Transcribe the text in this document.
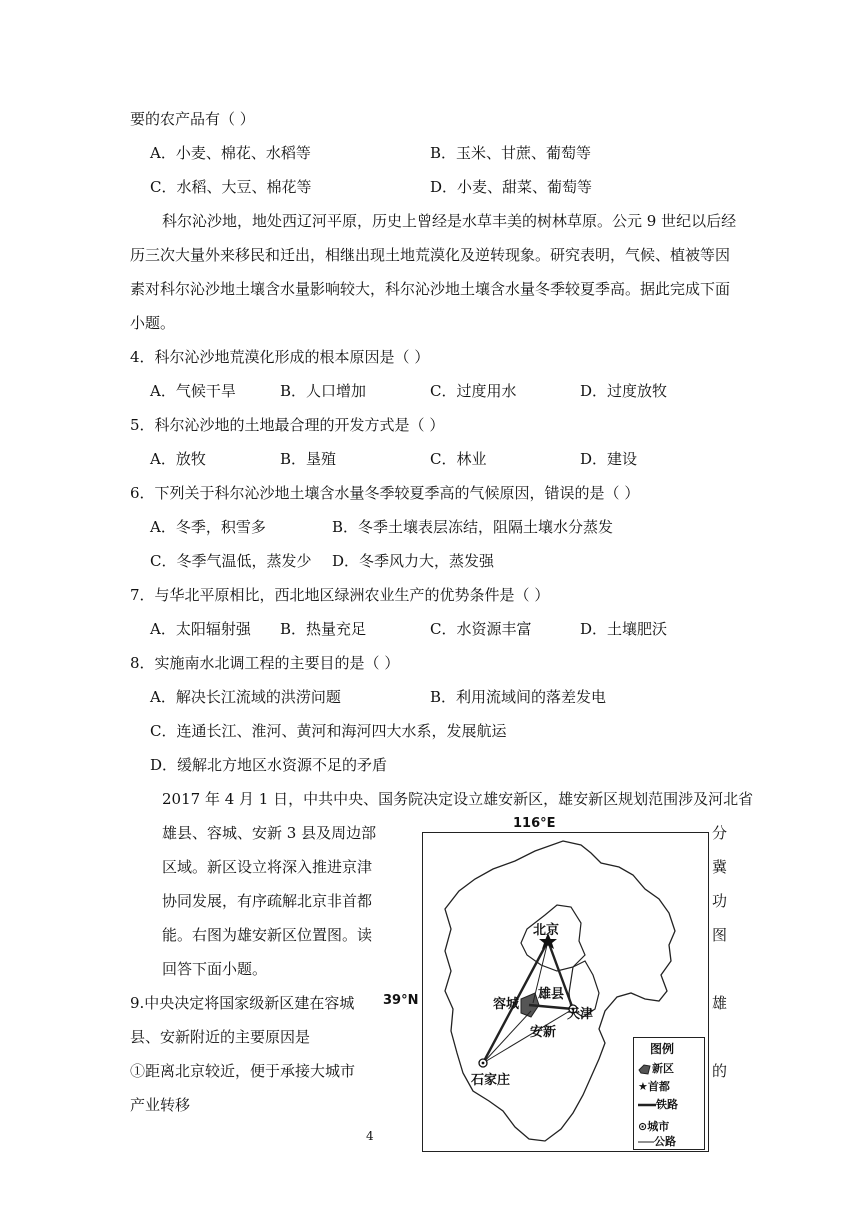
要的农产品有（ ）
A．小麦、棉花、水稻等	B．玉米、甘蔗、葡萄等
C．水稻、大豆、棉花等	D．小麦、甜菜、葡萄等
科尔沁沙地，地处西辽河平原，历史上曾经是水草丰美的树林草原。公元 9 世纪以后经
历三次大量外来移民和迁出，相继出现土地荒漠化及逆转现象。研究表明，气候、植被等因
素对科尔沁沙地土壤含水量影响较大，科尔沁沙地土壤含水量冬季较夏季高。据此完成下面
小题。
4．科尔沁沙地荒漠化形成的根本原因是（ ）
A．气候干旱	B．人口增加	C．过度用水	D．过度放牧
5．科尔沁沙地的土地最合理的开发方式是（ ）
A．放牧	B．垦殖	C．林业	D．建设
6．下列关于科尔沁沙地土壤含水量冬季较夏季高的气候原因，错误的是（ ）
A．冬季，积雪多	B．冬季土壤表层冻结，阻隔土壤水分蒸发
C．冬季气温低，蒸发少 D．冬季风力大，蒸发强
7．与华北平原相比，西北地区绿洲农业生产的优势条件是（ ）
A．太阳辐射强 B．热量充足	C．水资源丰富	D．土壤肥沃
8．实施南水北调工程的主要目的是（ ）
A．解决长江流域的洪涝问题	B．利用流域间的落差发电
C．连通长江、淮河、黄河和海河四大水系，发展航运
D．缓解北方地区水资源不足的矛盾
2017 年 4 月 1 日，中共中央、国务院决定设立雄安新区，雄安新区规划范围涉及河北省
雄县、容城、安新 3 县及周边部	分
区域。新区设立将深入推进京津	冀
协同发展，有序疏解北京非首都	功
能。右图为雄安新区位置图。读	图
回答下面小题。
9.中央决定将国家级新区建在容城	雄
县、安新附近的主要原因是
①距离北京较近，便于承接大城市	的
产业转移
4
116°E
39°N
北京
容城
雄县
天津
安新
石家庄
图例
新区
★首都
铁路
⊙城市
公路
